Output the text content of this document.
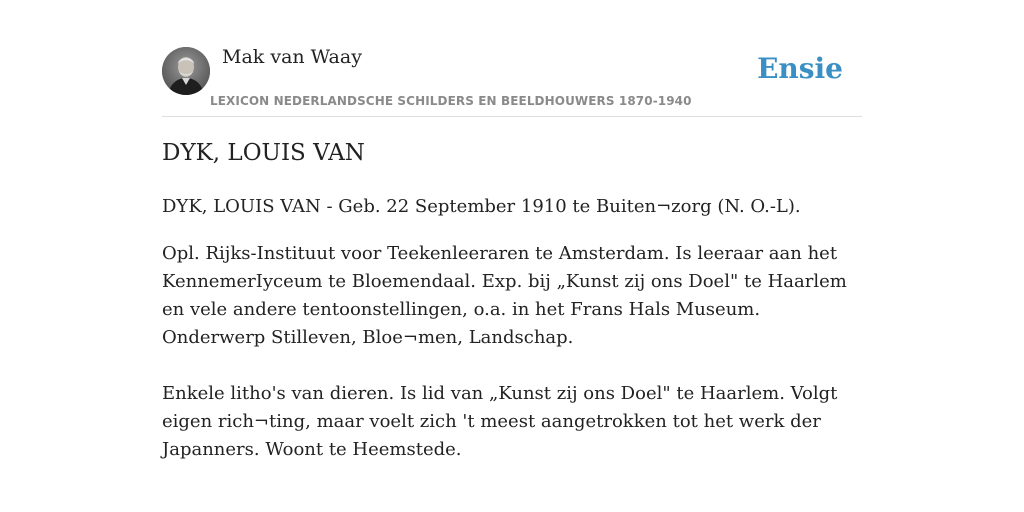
Mak van Waay
LEXICON NEDERLANDSCHE SCHILDERS EN BEELDHOUWERS 1870-1940
Ensie
DYK, LOUIS VAN

DYK, LOUIS VAN - Geb. 22 September 1910 te Buiten¬zorg (N. O.-L).

Opl. Rijks-Instituut voor Teekenleeraren te Amsterdam. Is leeraar aan het KennemerIyceum te Bloemendaal. Exp. bij „Kunst zij ons Doel" te Haarlem en vele andere tentoonstellingen, o.a. in het Frans Hals Museum. Onderwerp Stilleven, Bloe¬men, Landschap.

Enkele litho's van dieren. Is lid van „Kunst zij ons Doel" te Haarlem. Volgt eigen rich¬ting, maar voelt zich 't meest aangetrokken tot het werk der Japanners. Woont te Heemstede.
